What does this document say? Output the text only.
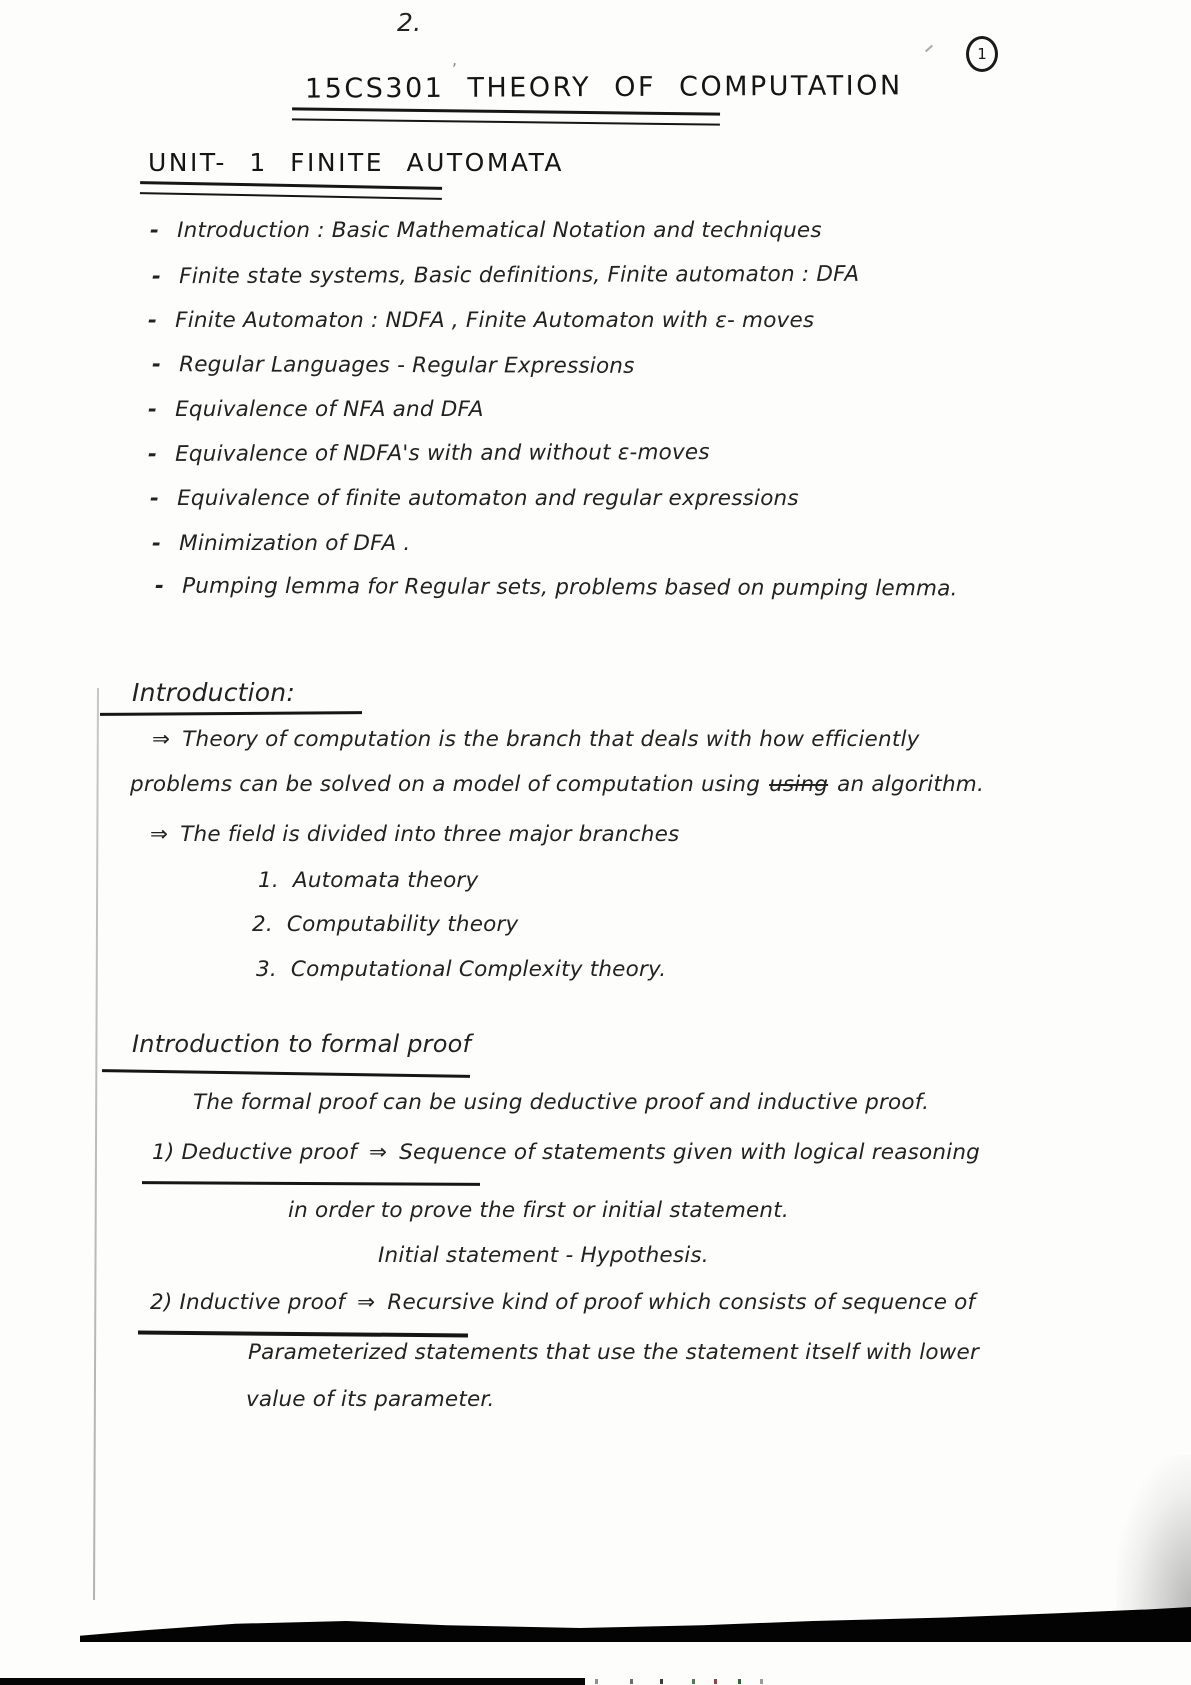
2.
,	1
15CS301 THEORY OF COMPUTATION
UNIT- 1 FINITE AUTOMATA
- Introduction : Basic Mathematical Notation and techniques
- Finite state systems, Basic definitions, Finite automaton : DFA
- Finite Automaton : NDFA , Finite Automaton with ε- moves
- Regular Languages - Regular Expressions
- Equivalence of NFA and DFA
- Equivalence of NDFA's with and without ε-moves
- Equivalence of finite automaton and regular expressions
- Minimization of DFA .
- Pumping lemma for Regular sets, problems based on pumping lemma.
Introduction:
⇒ Theory of computation is the branch that deals with how efficiently
problems can be solved on a model of computation using using an algorithm.
⇒ The field is divided into three major branches
1. Automata theory
2. Computability theory
3. Computational Complexity theory.
Introduction to formal proof
The formal proof can be using deductive proof and inductive proof.
1) Deductive proof ⇒ Sequence of statements given with logical reasoning
in order to prove the first or initial statement.
Initial statement - Hypothesis.
2) Inductive proof ⇒ Recursive kind of proof which consists of sequence of
Parameterized statements that use the statement itself with lower
value of its parameter.
